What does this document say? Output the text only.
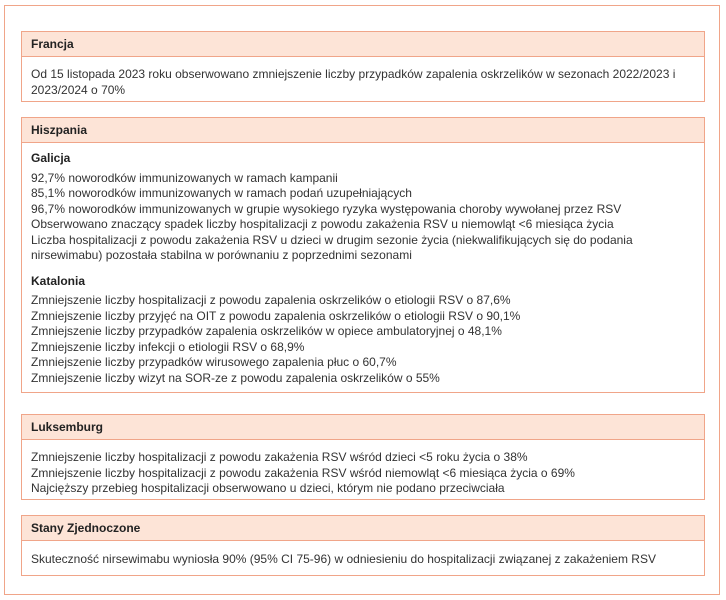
Francja
Od 15 listopada 2023 roku obserwowano zmniejszenie liczby przypadków zapalenia oskrzelików w sezonach 2022/2023 i 2023/2024 o 70%
Hiszpania
Galicja
92,7% noworodków immunizowanych w ramach kampanii
85,1% noworodków immunizowanych w ramach podań uzupełniających
96,7% noworodków immunizowanych w grupie wysokiego ryzyka występowania choroby wywołanej przez RSV
Obserwowano znaczący spadek liczby hospitalizacji z powodu zakażenia RSV u niemowląt <6 miesiąca życia
Liczba hospitalizacji z powodu zakażenia RSV u dzieci w drugim sezonie życia (niekwalifikujących się do podania nirsewimabu) pozostała stabilna w porównaniu z poprzednimi sezonami
Katalonia
Zmniejszenie liczby hospitalizacji z powodu zapalenia oskrzelików o etiologii RSV o 87,6%
Zmniejszenie liczby przyjęć na OIT z powodu zapalenia oskrzelików o etiologii RSV o 90,1%
Zmniejszenie liczby przypadków zapalenia oskrzelików w opiece ambulatoryjnej o 48,1%
Zmniejszenie liczby infekcji o etiologii RSV o 68,9%
Zmniejszenie liczby przypadków wirusowego zapalenia płuc o 60,7%
Zmniejszenie liczby wizyt na SOR-ze z powodu zapalenia oskrzelików o 55%
Luksemburg
Zmniejszenie liczby hospitalizacji z powodu zakażenia RSV wśród dzieci <5 roku życia o 38%
Zmniejszenie liczby hospitalizacji z powodu zakażenia RSV wśród niemowląt <6 miesiąca życia o 69%
Najcięższy przebieg hospitalizacji obserwowano u dzieci, którym nie podano przeciwciała
Stany Zjednoczone
Skuteczność nirsewimabu wyniosła 90% (95% CI 75-96) w odniesieniu do hospitalizacji związanej z zakażeniem RSV
